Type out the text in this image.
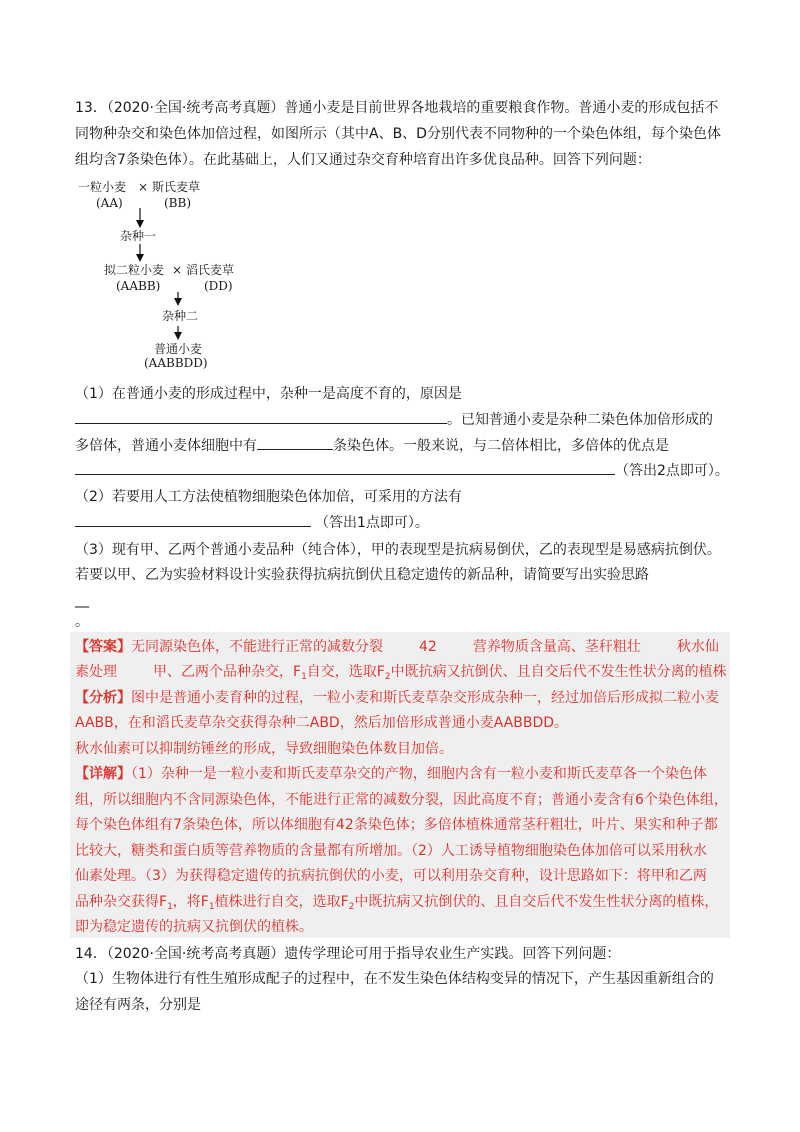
13．（2020·全国·统考高考真题）普通小麦是目前世界各地栽培的重要粮食作物。普通小麦的形成包括不
同物种杂交和染色体加倍过程，如图所示（其中A、B、D分别代表不同物种的一个染色体组，每个染色体
组均含7条染色体）。在此基础上，人们又通过杂交育种培育出许多优良品种。回答下列问题：
一粒小麦 × 斯氏麦草
(AA)	(BB)
杂种一
拟二粒小麦 × 滔氏麦草
(AABB)	(DD)
杂种二
普通小麦
(AABBDD)
（1）在普通小麦的形成过程中，杂种一是高度不育的，原因是
。已知普通小麦是杂种二染色体加倍形成的
多倍体，普通小麦体细胞中有	条染色体。一般来说，与二倍体相比，多倍体的优点是
（答出2点即可）。
（2）若要用人工方法使植物细胞染色体加倍，可采用的方法有
（答出1点即可）。
（3）现有甲、乙两个普通小麦品种（纯合体），甲的表现型是抗病易倒伏，乙的表现型是易感病抗倒伏。
若要以甲、乙为实验材料设计实验获得抗病抗倒伏且稳定遗传的新品种，请简要写出实验思路
__
。
【答案】无同源染色体，不能进行正常的减数分裂	42	营养物质含量高、茎秆粗壮	秋水仙
素处理	甲、乙两个品种杂交，$F_1$自交，选取$F_2$中既抗病又抗倒伏、且自交后代不发生性状分离的植株
【分析】图中是普通小麦育种的过程，一粒小麦和斯氏麦草杂交形成杂种一，经过加倍后形成拟二粒小麦
AABB，在和滔氏麦草杂交获得杂种二ABD，然后加倍形成普通小麦AABBDD。
秋水仙素可以抑制纺锤丝的形成，导致细胞染色体数目加倍。
【详解】（1）杂种一是一粒小麦和斯氏麦草杂交的产物，细胞内含有一粒小麦和斯氏麦草各一个染色体
组，所以细胞内不含同源染色体，不能进行正常的减数分裂，因此高度不育；普通小麦含有6个染色体组，
每个染色体组有7条染色体，所以体细胞有42条染色体；多倍体植株通常茎秆粗壮，叶片、果实和种子都
比较大，糖类和蛋白质等营养物质的含量都有所增加。（2）人工诱导植物细胞染色体加倍可以采用秋水
仙素处理。（3）为获得稳定遗传的抗病抗倒伏的小麦，可以利用杂交育种，设计思路如下：将甲和乙两
品种杂交获得$F_1$，将$F_1$植株进行自交，选取$F_2$中既抗病又抗倒伏的、且自交后代不发生性状分离的植株，
即为稳定遗传的抗病又抗倒伏的植株。
14．（2020·全国·统考高考真题）遗传学理论可用于指导农业生产实践。回答下列问题：
（1）生物体进行有性生殖形成配子的过程中，在不发生染色体结构变异的情况下，产生基因重新组合的
途径有两条，分别是
